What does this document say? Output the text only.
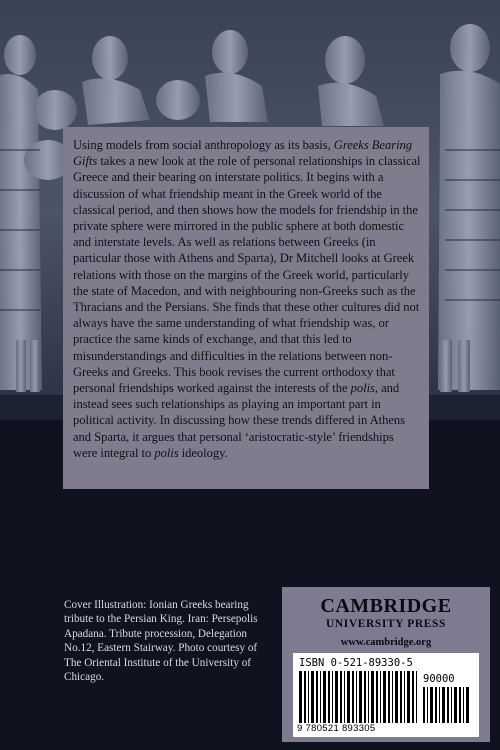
Using models from social anthropology as its basis, Greeks Bearing Gifts takes a new look at the role of personal relationships in classical Greece and their bearing on interstate politics. It begins with a discussion of what friendship meant in the Greek world of the classical period, and then shows how the models for friendship in the private sphere were mirrored in the public sphere at both domestic and interstate levels. As well as relations between Greeks (in particular those with Athens and Sparta), Dr Mitchell looks at Greek relations with those on the margins of the Greek world, particularly the state of Macedon, and with neighbouring non-Greeks such as the Thracians and the Persians. She finds that these other cultures did not always have the same understanding of what friendship was, or practice the same kinds of exchange, and that this led to misunderstandings and difficulties in the relations between non-Greeks and Greeks. This book revises the current orthodoxy that personal friendships worked against the interests of the polis, and instead sees such relationships as playing an important part in political activity. In discussing how these trends differed in Athens and Sparta, it argues that personal ‘aristocratic-style’ friendships were integral to polis ideology.

Cover Illustration: Ionian Greeks bearing tribute to the Persian King. Iran: Persepolis Apadana. Tribute procession, Delegation No.12, Eastern Stairway. Photo courtesy of The Oriental Institute of the University of Chicago.
CAMBRIDGE
UNIVERSITY PRESS
www.cambridge.org
ISBN 0-521-89330-5
90000
9 780521 893305
